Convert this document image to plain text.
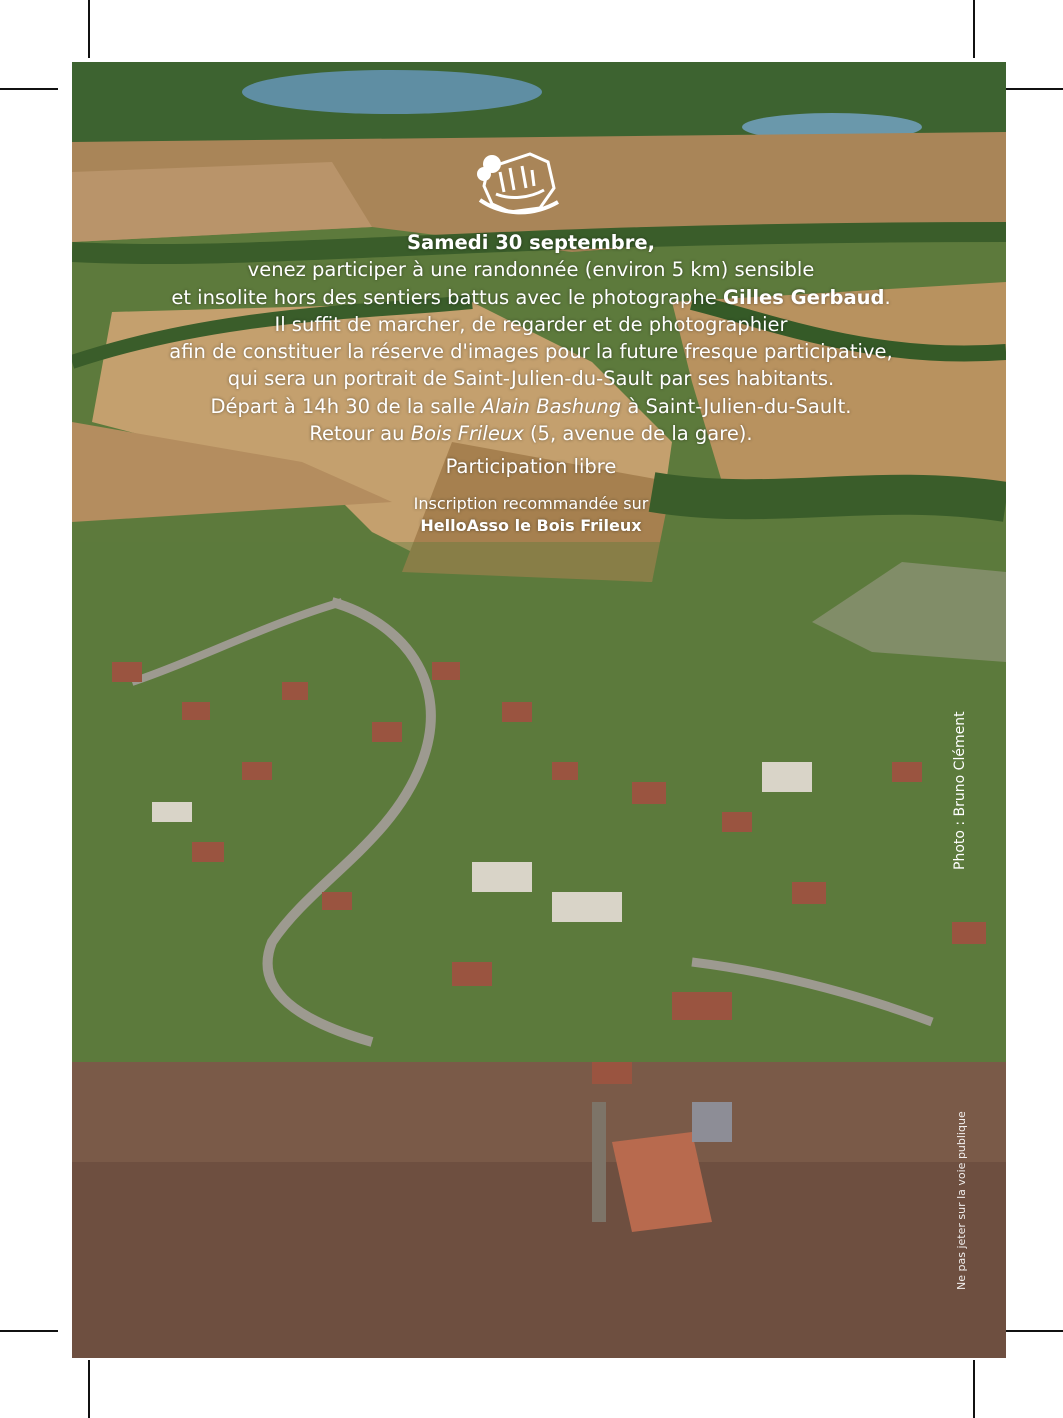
Samedi 30 septembre,
venez participer à une randonnée (environ 5 km) sensible
et insolite hors des sentiers battus avec le photographe Gilles Gerbaud.
Il suffit de marcher, de regarder et de photographier
afin de constituer la réserve d'images pour la future fresque participative,
qui sera un portrait de Saint-Julien-du-Sault par ses habitants.
Départ à 14h 30 de la salle Alain Bashung à Saint-Julien-du-Sault.
Retour au Bois Frileux (5, avenue de la gare).
Participation libre
Inscription recommandée sur
HelloAsso le Bois Frileux
Photo : Bruno Clément
Ne pas jeter sur la voie publique
